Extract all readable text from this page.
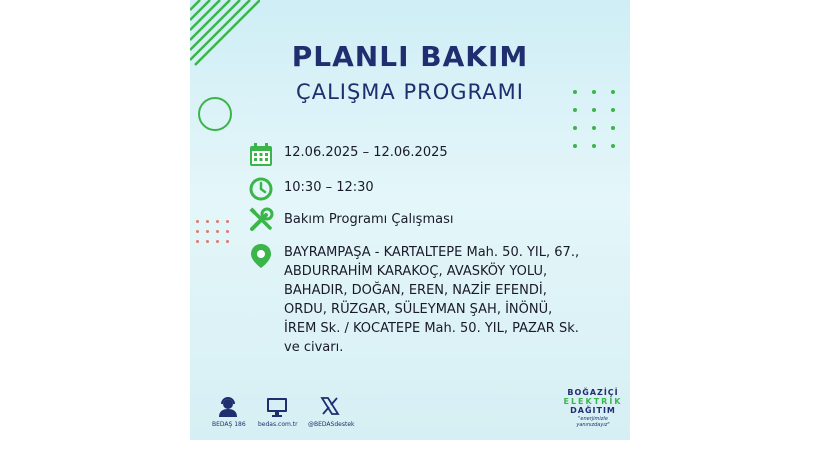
PLANLI BAKIM
ÇALIŞMA PROGRAMI
12.06.2025 – 12.06.2025
10:30 – 12:30
Bakım Programı Çalışması
BAYRAMPAŞA - KARTALTEPE Mah. 50. YIL, 67., ABDURRAHİM KARAKOÇ, AVASKÖY YOLU, BAHADIR, DOĞAN, EREN, NAZİF EFENDİ, ORDU, RÜZGAR, SÜLEYMAN ŞAH, İNÖNÜ, İREM Sk. / KOCATEPE Mah. 50. YIL, PAZAR Sk. ve civarı.
BEDAŞ 186 bedas.com.tr @BEDASdestek
BOĞAZİÇİ
ELEKTRİK
DAĞITIM
"enerjimizle yanınızdayız"
